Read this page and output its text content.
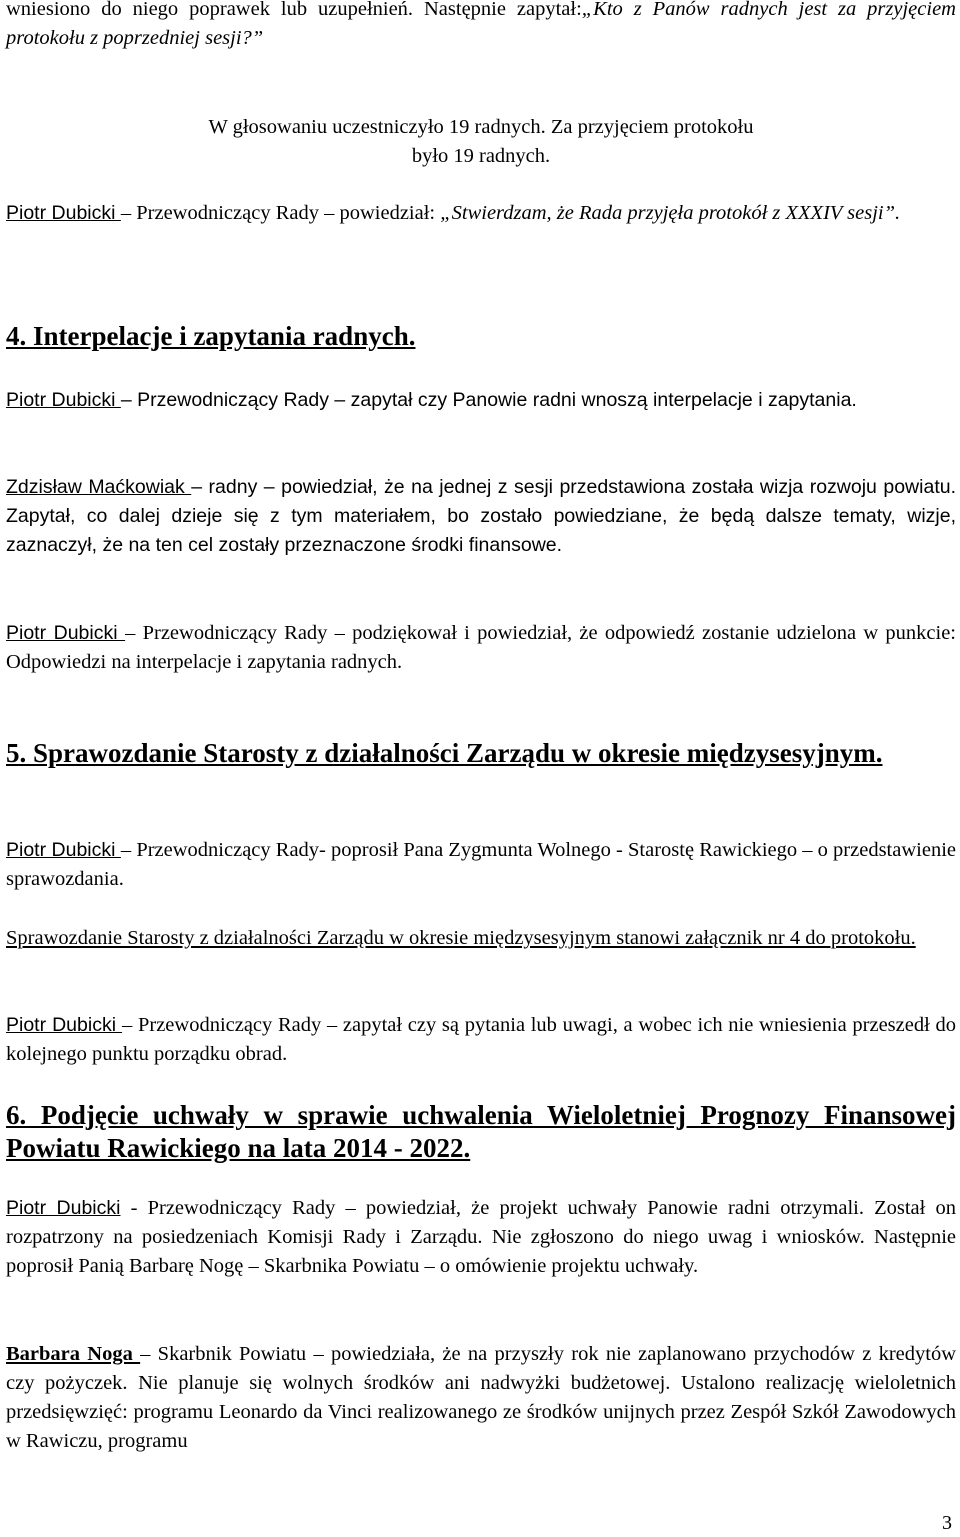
wniesiono do niego poprawek lub uzupełnień. Następnie zapytał:„Kto z Panów radnych jest za przyjęciem protokołu z poprzedniej sesji?”

W głosowaniu uczestniczyło 19 radnych. Za przyjęciem protokołu
było 19 radnych.

Piotr Dubicki – Przewodniczący Rady – powiedział: „Stwierdzam, że Rada przyjęła protokół z XXXIV sesji”.

4. Interpelacje i zapytania radnych.

Piotr Dubicki – Przewodniczący Rady – zapytał czy Panowie radni wnoszą interpelacje i zapytania.

Zdzisław Maćkowiak – radny – powiedział, że na jednej z sesji przedstawiona została wizja rozwoju powiatu. Zapytał, co dalej dzieje się z tym materiałem, bo zostało powiedziane, że będą dalsze tematy, wizje, zaznaczył, że na ten cel zostały przeznaczone środki finansowe.

Piotr Dubicki – Przewodniczący Rady – podziękował i powiedział, że odpowiedź zostanie udzielona w punkcie: Odpowiedzi na interpelacje i zapytania radnych.

5. Sprawozdanie Starosty z działalności Zarządu w okresie międzysesyjnym.

Piotr Dubicki – Przewodniczący Rady- poprosił Pana Zygmunta Wolnego - Starostę Rawickiego – o przedstawienie sprawozdania.

Sprawozdanie Starosty z działalności Zarządu w okresie międzysesyjnym stanowi załącznik nr 4 do protokołu.

Piotr Dubicki – Przewodniczący Rady – zapytał czy są pytania lub uwagi, a wobec ich nie wniesienia przeszedł do kolejnego punktu porządku obrad.

6. Podjęcie uchwały w sprawie uchwalenia Wieloletniej Prognozy Finansowej Powiatu Rawickiego na lata 2014 - 2022.

Piotr Dubicki - Przewodniczący Rady – powiedział, że projekt uchwały Panowie radni otrzymali. Został on rozpatrzony na posiedzeniach Komisji Rady i Zarządu. Nie zgłoszono do niego uwag i wniosków. Następnie poprosił Panią Barbarę Nogę – Skarbnika Powiatu – o omówienie projektu uchwały.

Barbara Noga – Skarbnik Powiatu – powiedziała, że na przyszły rok nie zaplanowano przychodów z kredytów czy pożyczek. Nie planuje się wolnych środków ani nadwyżki budżetowej. Ustalono realizację wieloletnich przedsięwzięć: programu Leonardo da Vinci realizowanego ze środków unijnych przez Zespół Szkół Zawodowych w Rawiczu, programu

3
